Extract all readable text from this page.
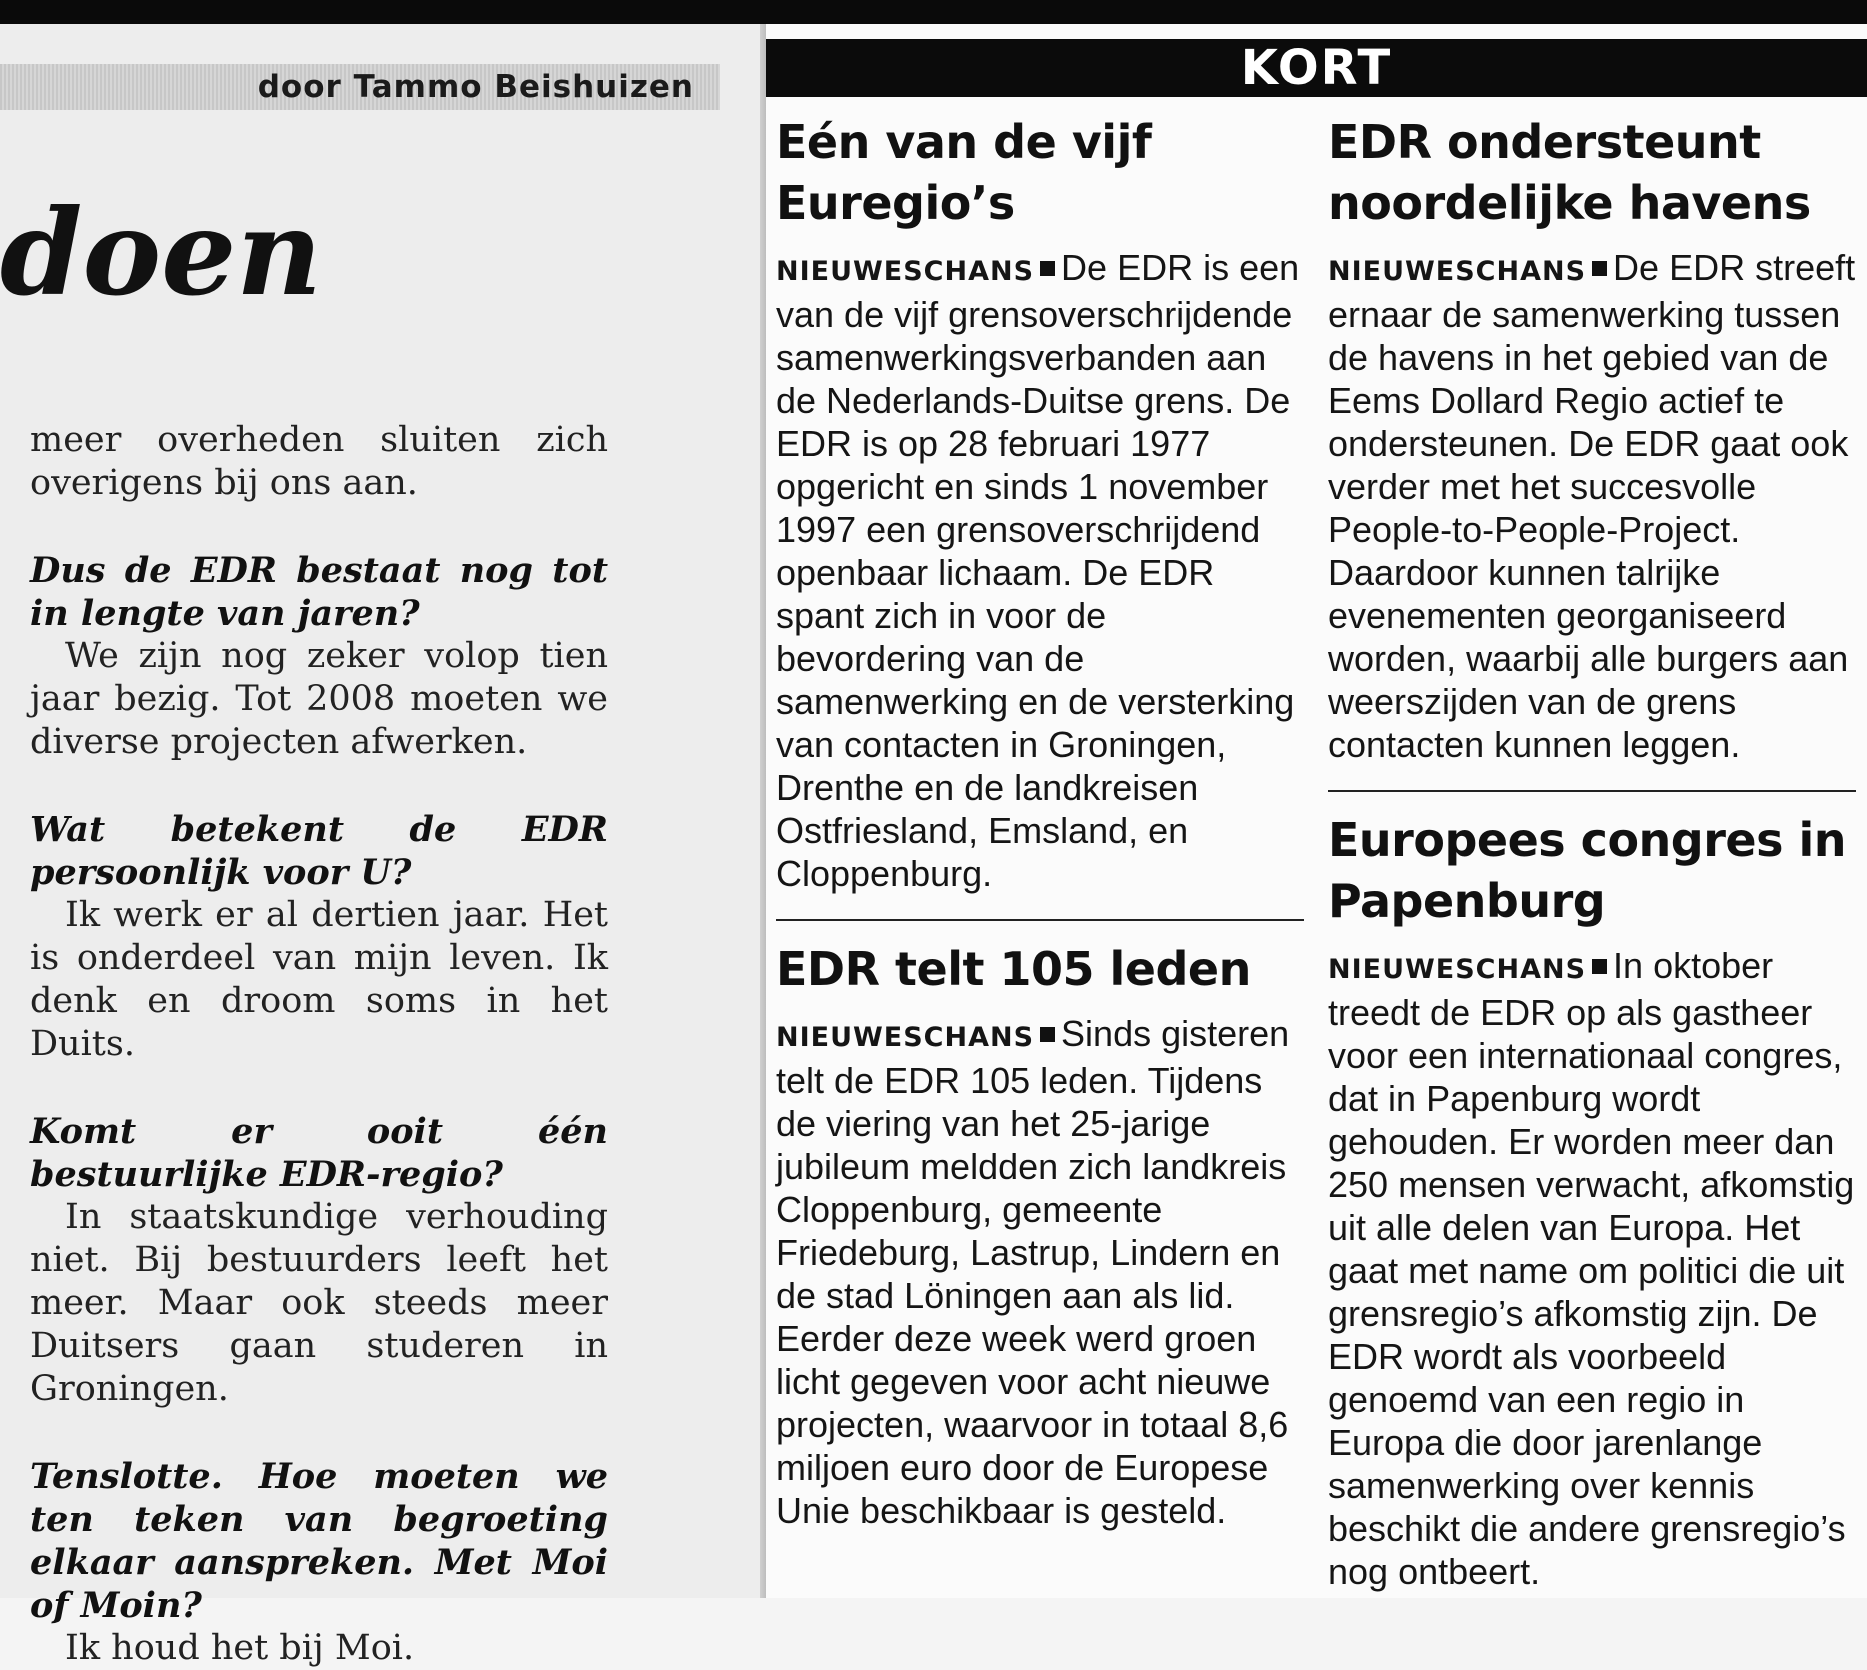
door Tammo Beishuizen

doen

meer overheden sluiten zich overigens bij ons aan.

Dus de EDR bestaat nog tot in lengte van jaren?

We zijn nog zeker volop tien jaar bezig. Tot 2008 moeten we diverse projecten afwerken.

Wat betekent de EDR persoonlijk voor U?

Ik werk er al dertien jaar. Het is onderdeel van mijn leven. Ik denk en droom soms in het Duits.

Komt er ooit één bestuurlijke EDR-regio?

In staatskundige verhouding niet. Bij bestuurders leeft het meer. Maar ook steeds meer Duitsers gaan studeren in Groningen.

Tenslotte. Hoe moeten we ten teken van begroeting elkaar aanspreken. Met Moi of Moin?

Ik houd het bij Moi.

KORT
Eén van de vijf Euregio’s

NIEUWESCHANS De EDR is een van de vijf grensoverschrijdende samenwerkingsverbanden aan de Nederlands-Duitse grens. De EDR is op 28 februari 1977 opgericht en sinds 1 november 1997 een grensoverschrijdend openbaar lichaam. De EDR spant zich in voor de bevordering van de samenwerking en de versterking van contacten in Groningen, Drenthe en de landkreisen Ostfriesland, Emsland, en Cloppenburg.

EDR telt 105 leden

NIEUWESCHANS Sinds gisteren telt de EDR 105 leden. Tijdens de viering van het 25-jarige jubileum meldden zich landkreis Cloppenburg, gemeente Friedeburg, Lastrup, Lindern en de stad Löningen aan als lid. Eerder deze week werd groen licht gegeven voor acht nieuwe projecten, waarvoor in totaal 8,6 miljoen euro door de Europese Unie beschikbaar is gesteld.

EDR ondersteunt noordelijke havens

NIEUWESCHANS De EDR streeft ernaar de samenwerking tussen de havens in het gebied van de Eems Dollard Regio actief te ondersteunen. De EDR gaat ook verder met het succesvolle People-to-People-Project. Daardoor kunnen talrijke evenementen georganiseerd worden, waarbij alle burgers aan weerszijden van de grens contacten kunnen leggen.

Europees congres in Papenburg

NIEUWESCHANS In oktober treedt de EDR op als gastheer voor een internationaal congres, dat in Papenburg wordt gehouden. Er worden meer dan 250 mensen verwacht, afkomstig uit alle delen van Europa. Het gaat met name om politici die uit grensregio’s afkomstig zijn. De EDR wordt als voorbeeld genoemd van een regio in Europa die door jarenlange samenwerking over kennis beschikt die andere grensregio’s nog ontbeert.
